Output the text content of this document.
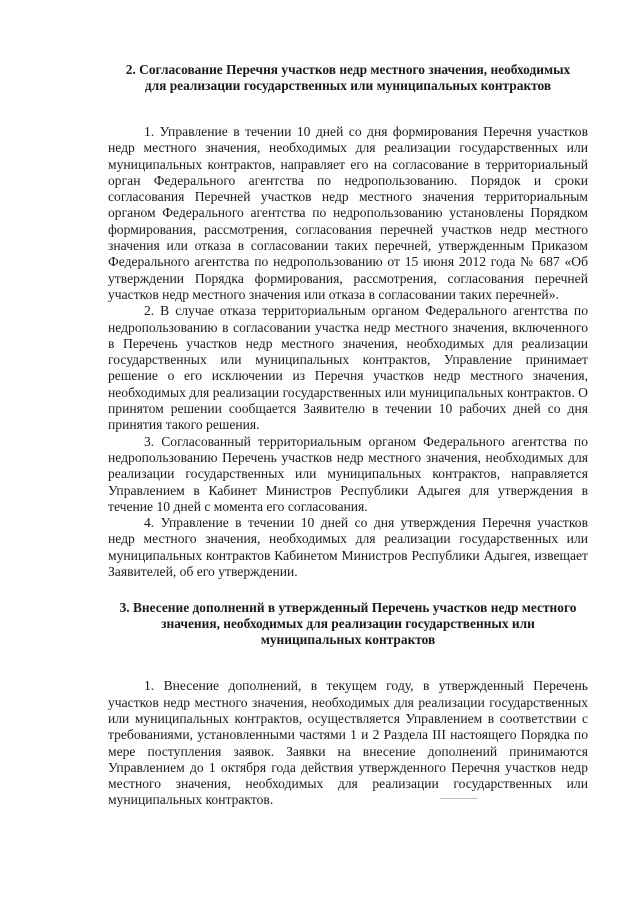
2. Согласование Перечня участков недр местного значения, необходимых для реализации государственных или муниципальных контрактов

1. Управление в течении 10 дней со дня формирования Перечня участков недр местного значения, необходимых для реализации государственных или муниципальных контрактов, направляет его на согласование в территориальный орган Федерального агентства по недропользованию. Порядок и сроки согласования Перечней участков недр местного значения территориальным органом Федерального агентства по недропользованию установлены Порядком формирования, рассмотрения, согласования перечней участков недр местного значения или отказа в согласовании таких перечней, утвержденным Приказом Федерального агентства по недропользованию от 15 июня 2012 года № 687 «Об утверждении Порядка формирования, рассмотрения, согласования перечней участков недр местного значения или отказа в согласовании таких перечней».

2. В случае отказа территориальным органом Федерального агентства по недропользованию в согласовании участка недр местного значения, включенного в Перечень участков недр местного значения, необходимых для реализации государственных или муниципальных контрактов, Управление принимает решение о его исключении из Перечня участков недр местного значения, необходимых для реализации государственных или муниципальных контрактов. О принятом решении сообщается Заявителю в течении 10 рабочих дней со дня принятия такого решения.

3. Согласованный территориальным органом Федерального агентства по недропользованию Перечень участков недр местного значения, необходимых для реализации государственных или муниципальных контрактов, направляется Управлением в Кабинет Министров Республики Адыгея для утверждения в течение 10 дней с момента его согласования.

4. Управление в течении 10 дней со дня утверждения Перечня участков недр местного значения, необходимых для реализации государственных или муниципальных контрактов Кабинетом Министров Республики Адыгея, извещает Заявителей, об его утверждении.

3. Внесение дополнений в утвержденный Перечень участков недр местного значения, необходимых для реализации государственных или муниципальных контрактов

1. Внесение дополнений, в текущем году, в утвержденный Перечень участков недр местного значения, необходимых для реализации государственных или муниципальных контрактов, осуществляется Управлением в соответствии с требованиями, установленными частями 1 и 2 Раздела III настоящего Порядка по мере поступления заявок. Заявки на внесение дополнений принимаются Управлением до 1 октября года действия утвержденного Перечня участков недр местного значения, необходимых для реализации государственных или муниципальных контрактов.
